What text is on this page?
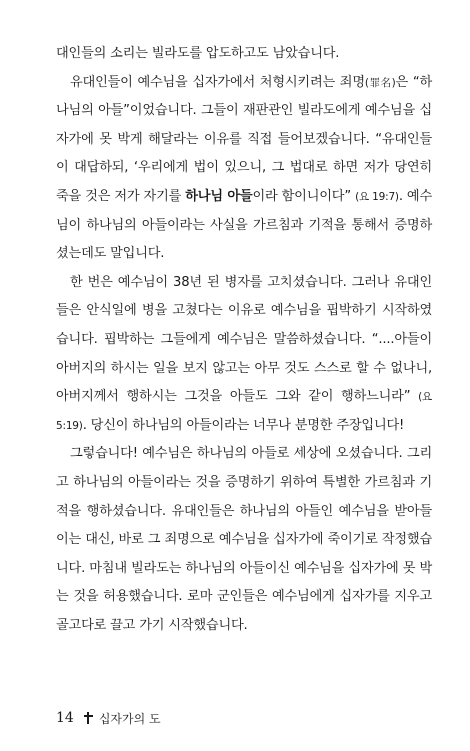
대인들의 소리는 빌라도를 압도하고도 남았습니다.

유대인들이 예수님을 십자가에서 처형시키려는 죄명(罪名)은 “하나님의 아들”이었습니다. 그들이 재판관인 빌라도에게 예수님을 십자가에 못 박게 해달라는 이유를 직접 들어보겠습니다. “유대인들이 대답하되, ‘우리에게 법이 있으니, 그 법대로 하면 저가 당연히 죽을 것은 저가 자기를 하나님 아들이라 함이니이다” (요 19:7). 예수님이 하나님의 아들이라는 사실을 가르침과 기적을 통해서 증명하셨는데도 말입니다.

한 번은 예수님이 38년 된 병자를 고치셨습니다. 그러나 유대인들은 안식일에 병을 고쳤다는 이유로 예수님을 핍박하기 시작하였습니다. 핍박하는 그들에게 예수님은 말씀하셨습니다. “....아들이 아버지의 하시는 일을 보지 않고는 아무 것도 스스로 할 수 없나니, 아버지께서 행하시는 그것을 아들도 그와 같이 행하느니라” (요 5:19). 당신이 하나님의 아들이라는 너무나 분명한 주장입니다!

그렇습니다! 예수님은 하나님의 아들로 세상에 오셨습니다. 그리고 하나님의 아들이라는 것을 증명하기 위하여 특별한 가르침과 기적을 행하셨습니다. 유대인들은 하나님의 아들인 예수님을 받아들이는 대신, 바로 그 죄명으로 예수님을 십자가에 죽이기로 작정했습니다. 마침내 빌라도는 하나님의 아들이신 예수님을 십자가에 못 박는 것을 허용했습니다. 로마 군인들은 예수님에게 십자가를 지우고 골고다로 끌고 가기 시작했습니다.

14 십자가의 도
